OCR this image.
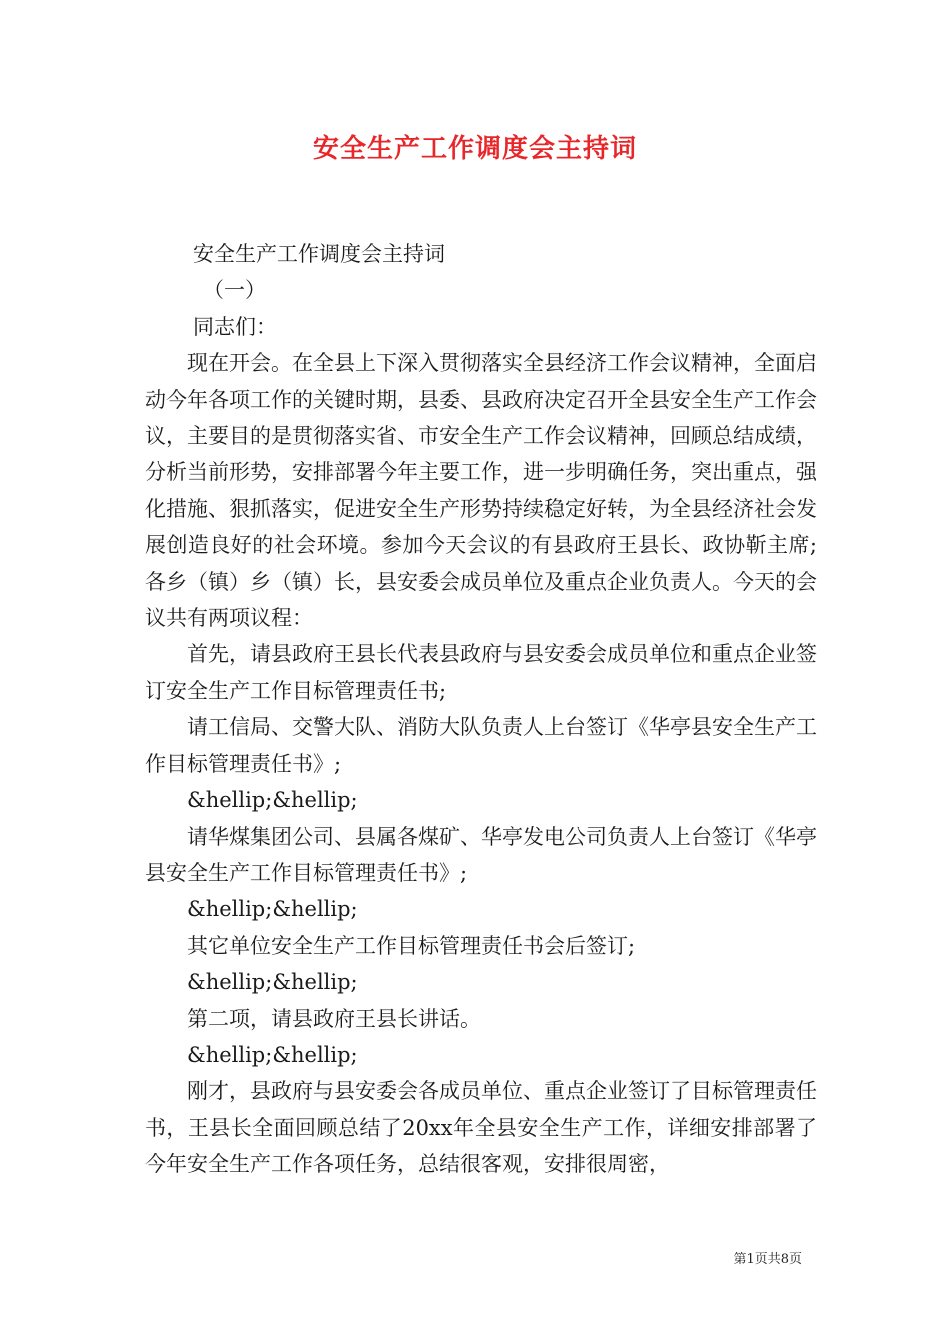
安全生产工作调度会主持词

安全生产工作调度会主持词

（一）

同志们：

现在开会。在全县上下深入贯彻落实全县经济工作会议精神，全面启动今年各项工作的关键时期，县委、县政府决定召开全县安全生产工作会议，主要目的是贯彻落实省、市安全生产工作会议精神，回顾总结成绩，分析当前形势，安排部署今年主要工作，进一步明确任务，突出重点，强化措施、狠抓落实，促进安全生产形势持续稳定好转，为全县经济社会发展创造良好的社会环境。参加今天会议的有县政府王县长、政协靳主席;各乡（镇）乡（镇）长，县安委会成员单位及重点企业负责人。今天的会议共有两项议程：

首先，请县政府王县长代表县政府与县安委会成员单位和重点企业签订安全生产工作目标管理责任书;

请工信局、交警大队、消防大队负责人上台签订《华亭县安全生产工作目标管理责任书》;

&hellip;&hellip;

请华煤集团公司、县属各煤矿、华亭发电公司负责人上台签订《华亭县安全生产工作目标管理责任书》;

&hellip;&hellip;

其它单位安全生产工作目标管理责任书会后签订;

&hellip;&hellip;

第二项，请县政府王县长讲话。

&hellip;&hellip;

刚才，县政府与县安委会各成员单位、重点企业签订了目标管理责任书，王县长全面回顾总结了20xx年全县安全生产工作，详细安排部署了今年安全生产工作各项任务，总结很客观，安排很周密，

第1页共8页
